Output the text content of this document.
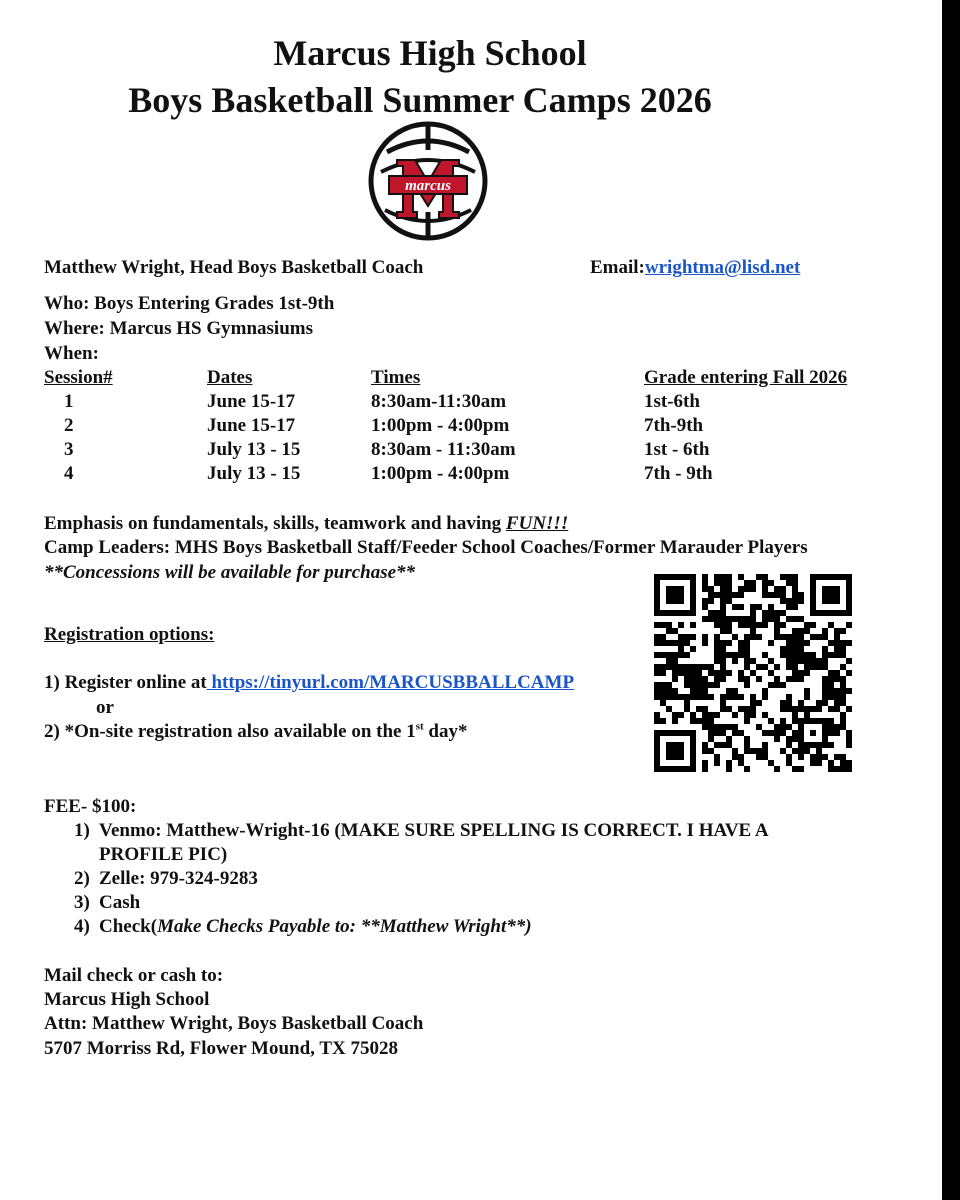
Marcus High School
Boys Basketball Summer Camps 2026
marcus
Matthew Wright, Head Boys Basketball Coach	Email:wrightma@lisd.net
Who: Boys Entering Grades 1st-9th
Where: Marcus HS Gymnasiums
When:
Session#	Dates	Times	Grade entering Fall 2026
1	June 15-17	8:30am-11:30am	1st-6th
2	June 15-17	1:00pm - 4:00pm	7th-9th
3	July 13 - 15	8:30am - 11:30am	1st - 6th
4	July 13 - 15	1:00pm - 4:00pm	7th - 9th
Emphasis on fundamentals, skills, teamwork and having FUN!!!
Camp Leaders: MHS Boys Basketball Staff/Feeder School Coaches/Former Marauder Players
**Concessions will be available for purchase**
Registration options:
1) Register online at https://tinyurl.com/MARCUSBBALLCAMP
or
2) *On-site registration also available on the 1st day*
FEE- $100:
1) Venmo: Matthew-Wright-16 (MAKE SURE SPELLING IS CORRECT. I HAVE A
PROFILE PIC)
2) Zelle: 979-324-9283
3) Cash
4) Check(Make Checks Payable to: **Matthew Wright**)
Mail check or cash to:
Marcus High School
Attn: Matthew Wright, Boys Basketball Coach
5707 Morriss Rd, Flower Mound, TX 75028
